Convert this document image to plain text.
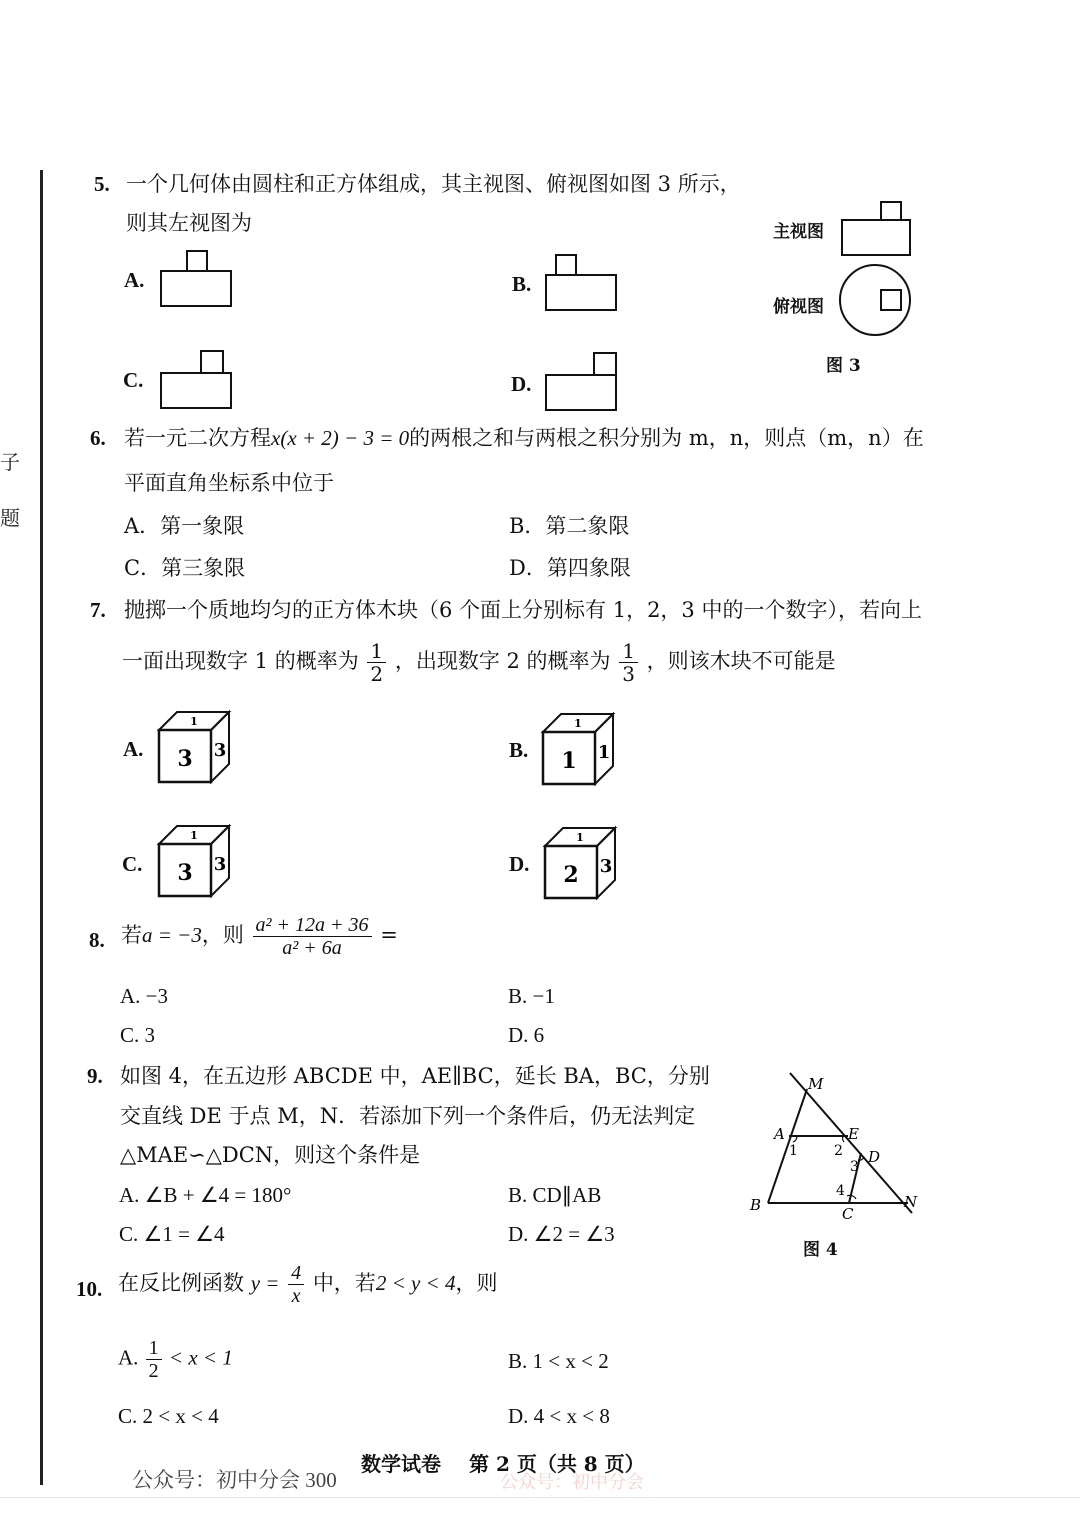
子
题
5. 一个几何体由圆柱和正方体组成，其主视图、俯视图如图 3 所示，
则其左视图为
A.	B.
C.	D.
主视图
俯视图
图 3
6. 若一元二次方程x(x + 2) − 3 = 0的两根之和与两根之积分别为 m，n，则点（m，n）在
平面直角坐标系中位于
A．第一象限	B．第二象限
C．第三象限	D．第四象限
7. 抛掷一个质地均匀的正方体木块（6 个面上分别标有 1，2，3 中的一个数字），若向上
一面出现数字 1 的概率为 $\frac{1}{2}$ ，出现数字 2 的概率为 $\frac{1}{3}$ ，则该木块不可能是
A.
1
3 3	B.
1
1 1
C.
1
3 3	D.
1
2 3
8. 若a = −3，则 $\frac{\text{a² + 12a + 36}}{\text{a² + 6a}}$ =
A. −3	B. −1
C. 3	D. 6
9. 如图 4，在五边形 ABCDE 中，AE∥BC，延长 BA，BC，分别
交直线 DE 于点 M，N．若添加下列一个条件后，仍无法判定
△MAE∽△DCN，则这个条件是
A. ∠B + ∠4 = 180°	B. CD∥AB
C. ∠1 = ∠4	D. ∠2 = ∠3
M
A	E
D
B	C
N
1	2
3
4
图 4
10. 在反比例函数 $y = \frac{4}{x}$ 中，若2 < y < 4，则
A. $\frac{1}{2} < x < 1$	B. 1 < x < 2
C. 2 < x < 4	D. 4 < x < 8
数学试卷 第 2 页（共 8 页）
公众号：初中分会
公众号：初中分会 300
